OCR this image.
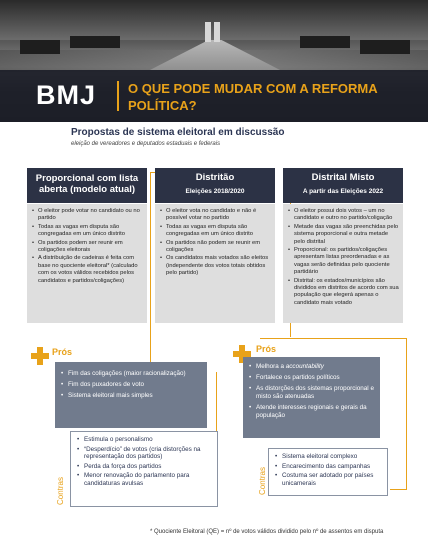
BMJ O QUE PODE MUDAR COM A REFORMA POLÍTICA?
Propostas de sistema eleitoral em discussão
eleição de vereadores e deputados estaduais e federais
Proporcional com lista aberta (modelo atual)
• O eleitor pode votar no candidato ou no partido
• Todas as vagas em disputa são congregadas em um único distrito
• Os partidos podem ser reunir em coligações eleitorais
• A distribuição de cadeiras é feita com base no quociente eleitoral* (calculado com os votos válidos recebidos pelos candidatos e partidos/coligações)
Distritão
Eleições 2018/2020
• O eleitor vota no candidato e não é possível votar no partido
• Todas as vagas em disputa são congregadas em um único distrito
• Os partidos não podem se reunir em coligações
• Os candidatos mais votados são eleitos (independente dos votos totais obtidos pelo partido)
Distrital Misto
A partir das Eleições 2022
• O eleitor possui dois votos – um no candidato e outro no partido/coligação
• Metade das vagas são preenchidas pelo sistema proporcional e outra metade pelo distrital
• Proporcional: os partidos/coligações apresentam listas preordenadas e as vagas serão definidas pelo quociente partidário
• Distrital: os estados/municípios são divididos em distritos de acordo com sua população que elegerá apenas o candidato mais votado
Prós
• Fim das coligações (maior racionalização)
• Fim dos puxadores de voto
• Sistema eleitoral mais simples
• Estimula o personalismo
• “Desperdício” de votos (cria distorções na representação dos partidos)
• Perda da força dos partidos
• Menor renovação do parlamento para candidaturas avulsas
Contras
Prós
• Melhora a accountability
• Fortalece os partidos políticos
• As distorções dos sistemas proporcional e misto são atenuadas
• Atende interesses regionais e gerais da população
• Sistema eleitoral complexo
• Encarecimento das campanhas
• Costuma ser adotado por países unicamerais
Contras
* Quociente Eleitoral (QE) = nº de votos válidos dividido pelo nº de assentos em disputa
